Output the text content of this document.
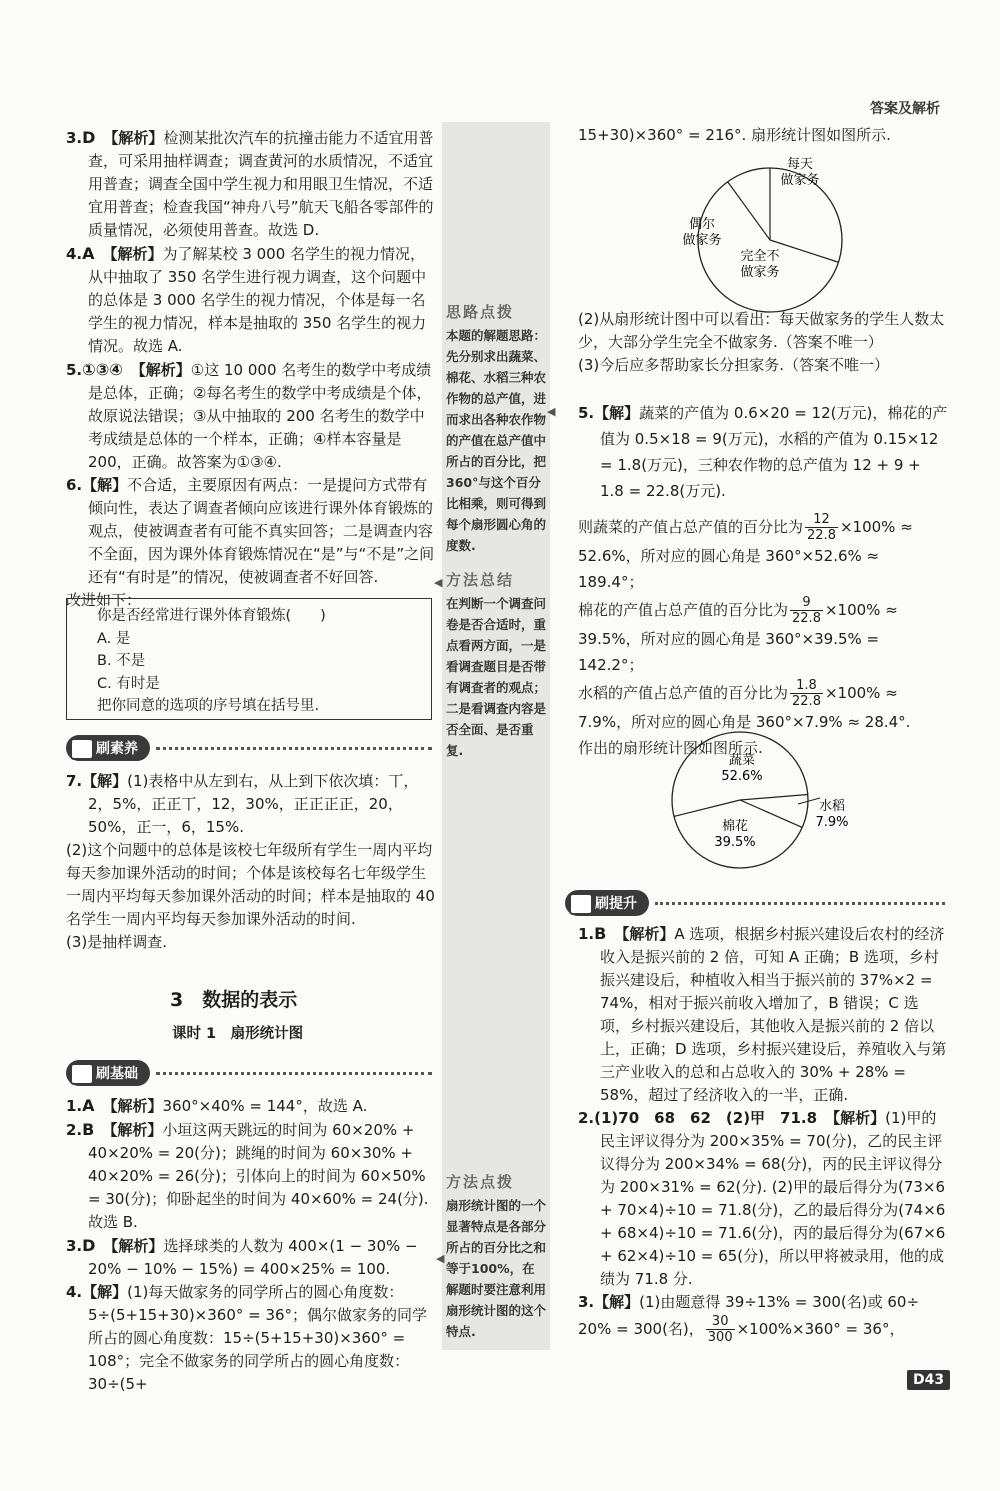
答案及解析

3.D 【解析】检测某批次汽车的抗撞击能力不适宜用普查，可采用抽样调查；调查黄河的水质情况，不适宜用普查；调查全国中学生视力和用眼卫生情况，不适宜用普查；检查我国“神舟八号”航天飞船各零部件的质量情况，必须使用普查。故选 D.

4.A 【解析】为了解某校 3 000 名学生的视力情况，从中抽取了 350 名学生进行视力调查，这个问题中的总体是 3 000 名学生的视力情况，个体是每一名学生的视力情况，样本是抽取的 350 名学生的视力情况。故选 A.

5.①③④ 【解析】①这 10 000 名考生的数学中考成绩是总体，正确；②每名考生的数学中考成绩是个体，故原说法错误；③从中抽取的 200 名考生的数学中考成绩是总体的一个样本，正确；④样本容量是 200，正确。故答案为①③④.

6.【解】不合适，主要原因有两点：一是提问方式带有倾向性，表达了调查者倾向应该进行课外体育锻炼的观点，使被调查者有可能不真实回答；二是调查内容不全面，因为课外体育锻炼情况在“是”与“不是”之间还有“有时是”的情况，使被调查者不好回答.

改进如下：

你是否经常进行课外体育锻炼(　　)
A. 是
B. 不是
C. 有时是
把你同意的选项的序号填在括号里.
刷素养

7.【解】(1)表格中从左到右，从上到下依次填：丅，2，5%，正正丅，12，30%，正正正正，20，50%，正一，6，15%.

(2)这个问题中的总体是该校七年级所有学生一周内平均每天参加课外活动的时间；个体是该校每名七年级学生一周内平均每天参加课外活动的时间；样本是抽取的 40 名学生一周内平均每天参加课外活动的时间.

(3)是抽样调查.

3　数据的表示
课时 1　扇形统计图
刷基础

1.A 【解析】360°×40% = 144°，故选 A.

2.B 【解析】小垣这两天跳远的时间为 60×20% + 40×20% = 20(分)；跳绳的时间为 60×30% + 40×20% = 26(分)；引体向上的时间为 60×50% = 30(分)；仰卧起坐的时间为 40×60% = 24(分). 故选 B.

3.D 【解析】选择球类的人数为 400×(1 − 30% − 20% − 10% − 15%) = 400×25% = 100.

4.【解】(1)每天做家务的同学所占的圆心角度数：5÷(5+15+30)×360° = 36°；偶尔做家务的同学所占的圆心角度数：15÷(5+15+30)×360° = 108°；完全不做家务的同学所占的圆心角度数：30÷(5+

思路点拨
本题的解题思路：先分别求出蔬菜、棉花、水稻三种农作物的总产值，进而求出各种农作物的产值在总产值中所占的百分比，把360°与这个百分比相乘，则可得到每个扇形圆心角的度数.
◀
方法总结
在判断一个调查问卷是否合适时，重点看两方面，一是看调查题目是否带有调查者的观点；二是看调查内容是否全面、是否重复.
◀
方法点拨
扇形统计图的一个显著特点是各部分所占的百分比之和等于100%，在解题时要注意利用扇形统计图的这个特点.
◀
15+30)×360° = 216°. 扇形统计图如图所示.
每天做家务
偶尔做家务
完全不做家务

(2)从扇形统计图中可以看出：每天做家务的学生人数太少，大部分学生完全不做家务.（答案不唯一）

(3)今后应多帮助家长分担家务.（答案不唯一）

5.【解】蔬菜的产值为 0.6×20 = 12(万元)，棉花的产值为 0.5×18 = 9(万元)，水稻的产值为 0.15×12 = 1.8(万元)，三种农作物的总产值为 12 + 9 + 1.8 = 22.8(万元).

则蔬菜的产值占总产值的百分比为 $\frac{12}{22.8} \times 100\%$ ≈

52.6%，所对应的圆心角是 360°×52.6% ≈ 189.4°；

棉花的产值占总产值的百分比为 $\frac{9}{22.8} \times 100\%$ ≈

39.5%，所对应的圆心角是 360°×39.5% = 142.2°；

水稻的产值占总产值的百分比为 $\frac{1.8}{22.8} \times 100\%$ ≈

7.9%，所对应的圆心角是 360°×7.9% ≈ 28.4°.

作出的扇形统计图如图所示.

蔬菜
52.6%
棉花
39.5%
水稻
7.9%
刷提升

1.B 【解析】A 选项，根据乡村振兴建设后农村的经济收入是振兴前的 2 倍，可知 A 正确；B 选项，乡村振兴建设后，种植收入相当于振兴前的 37%×2 = 74%，相对于振兴前收入增加了，B 错误；C 选项，乡村振兴建设后，其他收入是振兴前的 2 倍以上，正确；D 选项，乡村振兴建设后，养殖收入与第三产业收入的总和占总收入的 30% + 28% = 58%，超过了经济收入的一半，正确.

2.(1)70　68　62　(2)甲　71.8 【解析】(1)甲的民主评议得分为 200×35% = 70(分)，乙的民主评议得分为 200×34% = 68(分)，丙的民主评议得分为 200×31% = 62(分). (2)甲的最后得分为(73×6 + 70×4)÷10 = 71.8(分)，乙的最后得分为(74×6 + 68×4)÷10 = 71.6(分)，丙的最后得分为(67×6 + 62×4)÷10 = 65(分)，所以甲将被录用，他的成绩为 71.8 分.

3.【解】(1)由题意得 39÷13% = 300(名)或 60÷

20% = 300(名)， $\frac{30}{300} \times 100\%\times 360^\circ = 36^\circ$，

D43
